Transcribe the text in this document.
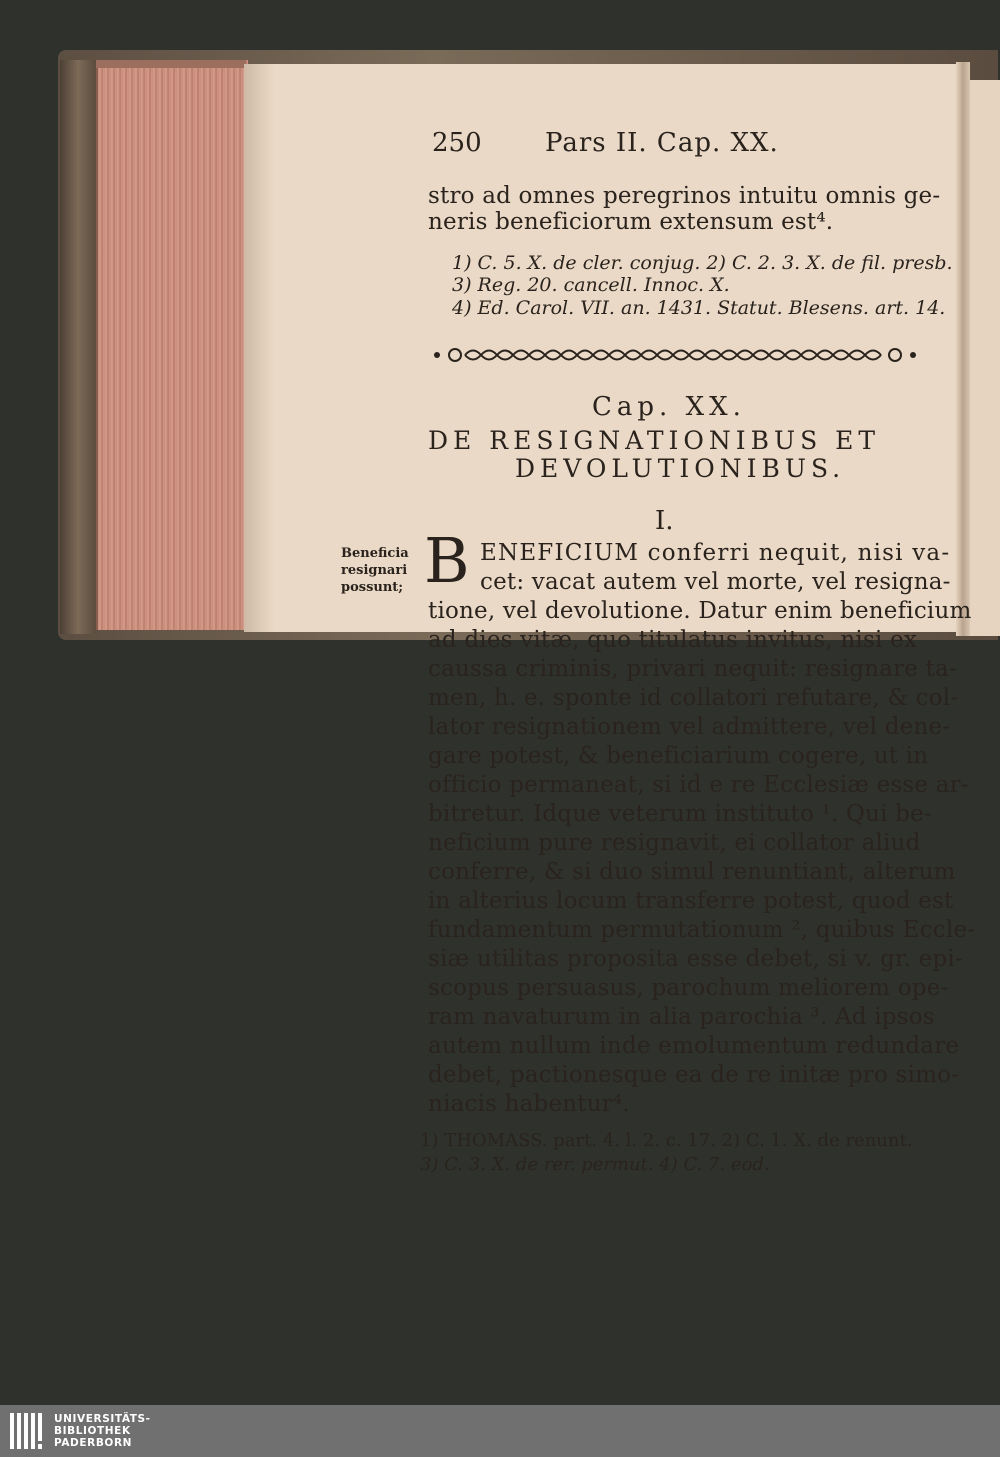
250 Pars II. Cap. XX.
stro ad omnes peregrinos intuitu omnis ge-
neris beneficiorum extensum est⁴.
1) C. 5. X. de cler. conjug. 2) C. 2. 3. X. de fil. presb.
3) Reg. 20. cancell. Innoc. X.
4) Ed. Carol. VII. an. 1431. Statut. Blesens. art. 14.
Cap. XX.
DE RESIGNATIONIBUS ET
DEVOLUTIONIBUS.
I.
Beneficia
resignari
possunt; B ENEFICIUM conferri nequit, nisi va-
cet: vacat autem vel morte, vel resigna-
tione, vel devolutione. Datur enim beneficium
ad dies vitæ, quo titulatus invitus, nisi ex
caussa criminis, privari nequit: resignare ta-
men, h. e. sponte id collatori refutare, & col-
lator resignationem vel admittere, vel dene-
gare potest, & beneficiarium cogere, ut in
officio permaneat, si id e re Ecclesiæ esse ar-
bitretur. Idque veterum instituto ¹. Qui be-
neficium pure resignavit, ei collator aliud
conferre, & si duo simul renuntiant, alterum
in alterius locum transferre potest, quod est
fundamentum permutationum ², quibus Eccle-
siæ utilitas proposita esse debet, si v. gr. epi-
scopus persuasus, parochum meliorem ope-
ram navaturum in alia parochia ³. Ad ipsos
autem nullum inde emolumentum redundare
debet, pactionesque ea de re initæ pro simo-
niacis habentur⁴.
1) THOMASS. part. 4. l. 2. c. 17. 2) C. 1. X. de renunt.
3) C. 3. X. de rer. permut. 4) C. 7. eod.
UNIVERSITÄTS-
BIBLIOTHEK
PADERBORN
